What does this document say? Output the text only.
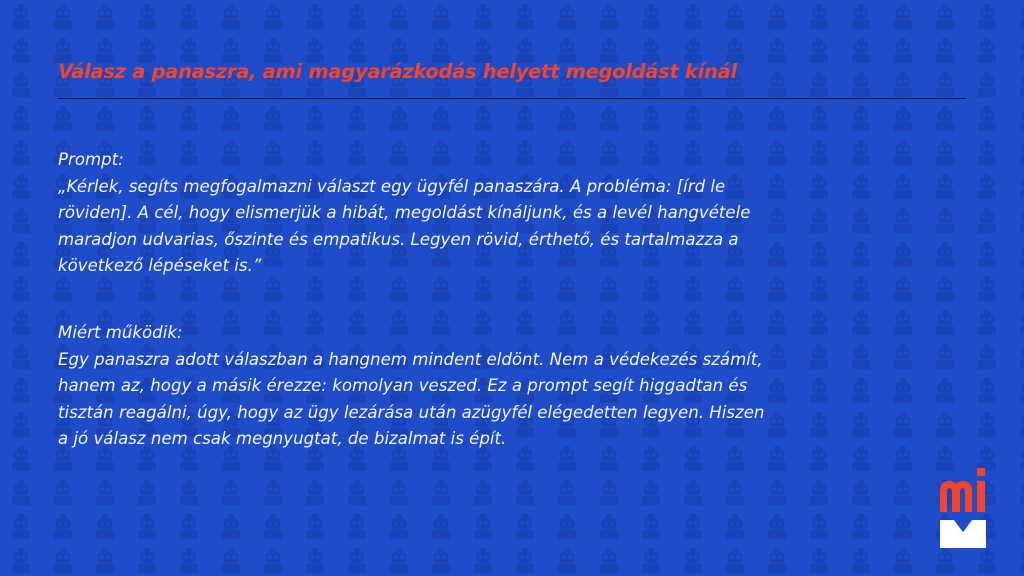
Válasz a panaszra, ami magyarázkodás helyett megoldást kínál
Prompt:
„Kérlek, segíts megfogalmazni választ egy ügyfél panaszára. A probléma: [írd le
röviden]. A cél, hogy elismerjük a hibát, megoldást kínáljunk, és a levél hangvétele
maradjon udvarias, őszinte és empatikus. Legyen rövid, érthető, és tartalmazza a
következő lépéseket is.”
Miért működik:
Egy panaszra adott válaszban a hangnem mindent eldönt. Nem a védekezés számít,
hanem az, hogy a másik érezze: komolyan veszed. Ez a prompt segít higgadtan és
tisztán reagálni, úgy, hogy az ügy lezárása után azügyfél elégedetten legyen. Hiszen
a jó válasz nem csak megnyugtat, de bizalmat is épít.
